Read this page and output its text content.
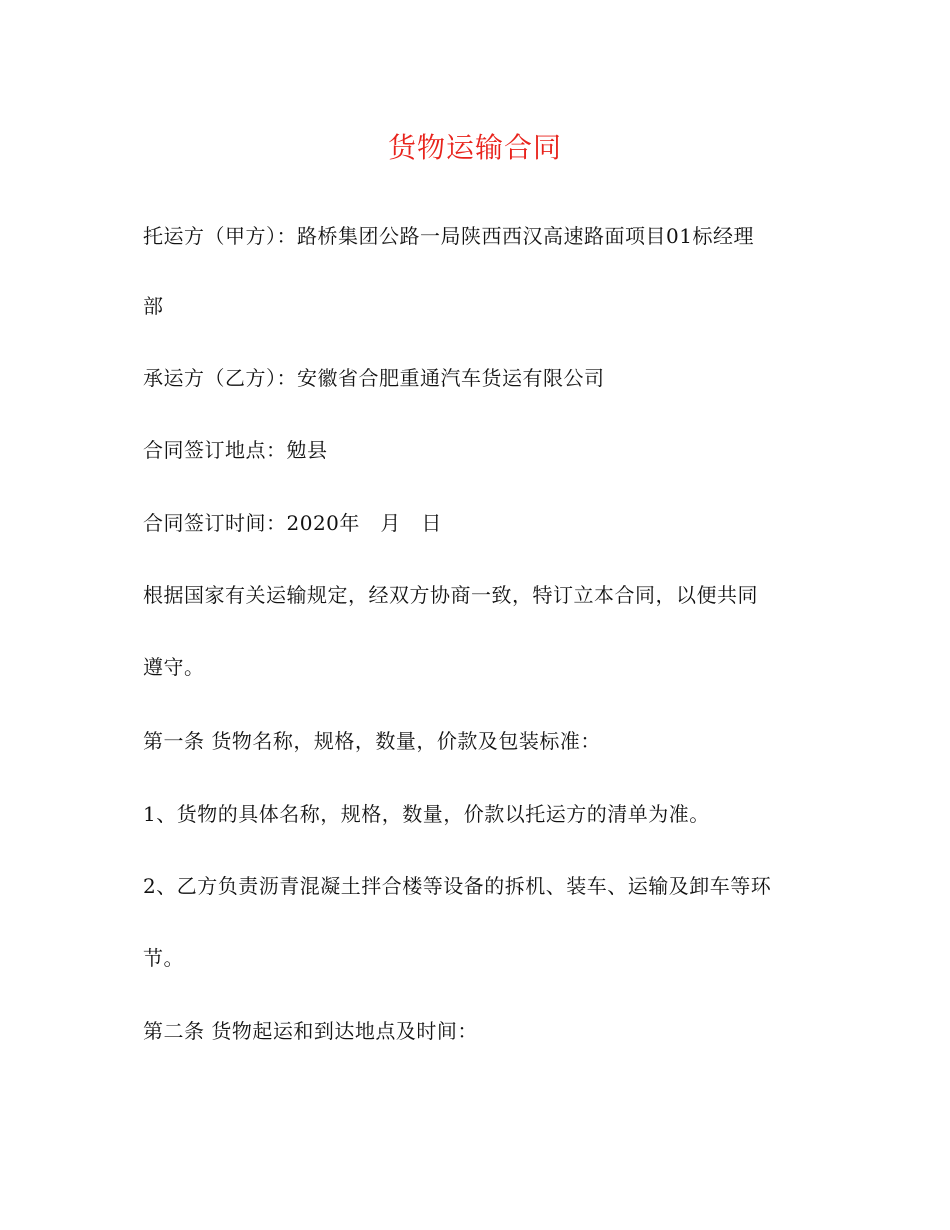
货物运输合同
托运方（甲方）：路桥集团公路一局陕西西汉高速路面项目01标经理
部
承运方（乙方）：安徽省合肥重通汽车货运有限公司
合同签订地点：勉县
合同签订时间：2020年　月　日
根据国家有关运输规定，经双方协商一致，特订立本合同，以便共同
遵守。
第一条 货物名称，规格，数量，价款及包装标准：
1、货物的具体名称，规格，数量，价款以托运方的清单为准。
2、乙方负责沥青混凝土拌合楼等设备的拆机、装车、运输及卸车等环
节。
第二条 货物起运和到达地点及时间：
